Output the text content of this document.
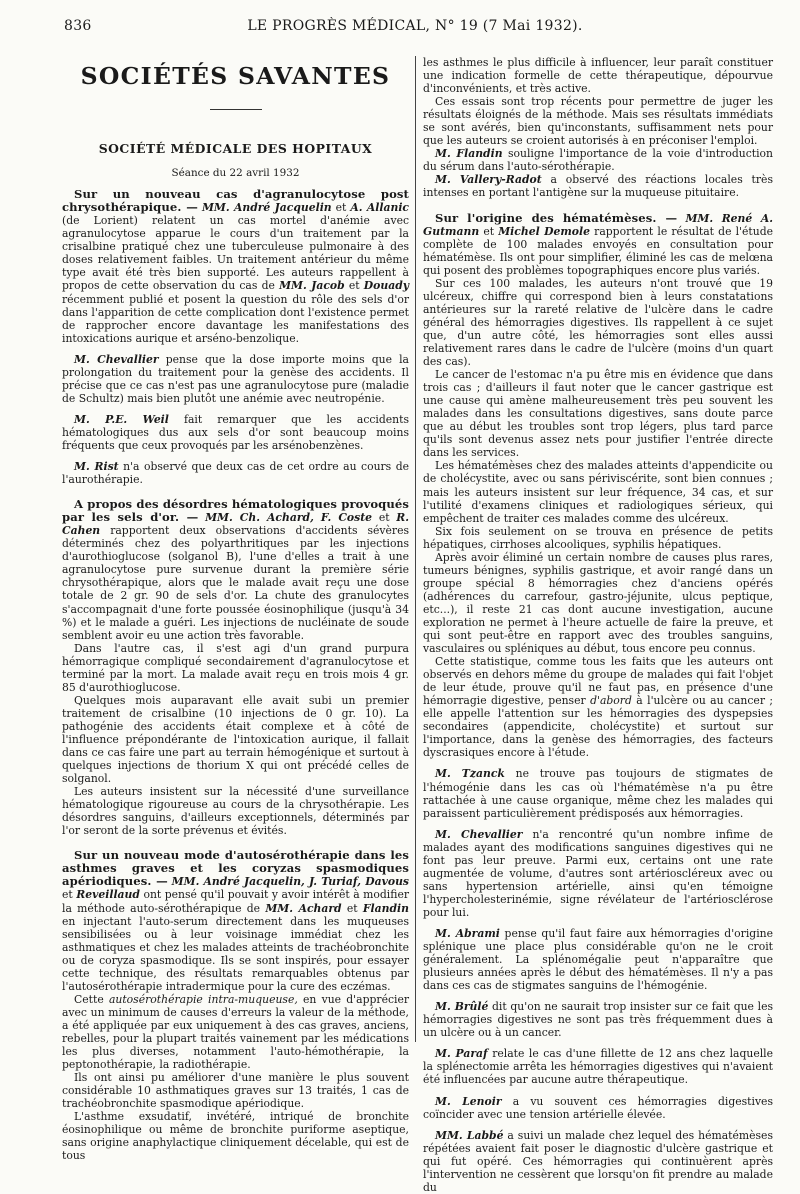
836	LE PROGRÈS MÉDICAL, N° 19 (7 Mai 1932).
SOCIÉTÉS SAVANTES
SOCIÉTÉ MÉDICALE DES HOPITAUX
Séance du 22 avril 1932

Sur un nouveau cas d'agranulocytose post chrysothérapique. — MM. André Jacquelin et A. Allanic (de Lorient) relatent un cas mortel d'anémie avec agranulocytose apparue le cours d'un traitement par la crisalbine pratiqué chez une tuberculeuse pulmonaire à des doses relativement faibles. Un traitement antérieur du même type avait été très bien supporté. Les auteurs rappellent à propos de cette observation du cas de MM. Jacob et Douady récemment publié et posent la question du rôle des sels d'or dans l'apparition de cette complication dont l'existence permet de rapprocher encore davantage les manifestations des intoxications aurique et arséno-benzolique.

M. Chevallier pense que la dose importe moins que la prolongation du traitement pour la genèse des accidents. Il précise que ce cas n'est pas une agranulocytose pure (maladie de Schultz) mais bien plutôt une anémie avec neutropénie.

M. P.E. Weil fait remarquer que les accidents hématologiques dus aux sels d'or sont beaucoup moins fréquents que ceux provoqués par les arsénobenzènes.

M. Rist n'a observé que deux cas de cet ordre au cours de l'aurothérapie.

A propos des désordres hématologiques provoqués par les sels d'or. — MM. Ch. Achard, F. Coste et R. Cahen rapportent deux observations d'accidents sévères déterminés chez des polyarthritiques par les injections d'aurothioglucose (solganol B), l'une d'elles a trait à une agranulocytose pure survenue durant la première série chrysothérapique, alors que le malade avait reçu une dose totale de 2 gr. 90 de sels d'or. La chute des granulocytes s'accompagnait d'une forte poussée éosinophilique (jusqu'à 34 %) et le malade a guéri. Les injections de nucléinate de soude semblent avoir eu une action très favorable.

Dans l'autre cas, il s'est agi d'un grand purpura hémorragique compliqué secondairement d'agranulocytose et terminé par la mort. La malade avait reçu en trois mois 4 gr. 85 d'aurothioglucose.

Quelques mois auparavant elle avait subi un premier traitement de crisalbine (10 injections de 0 gr. 10). La pathogénie des accidents était complexe et à côté de l'influence prépondérante de l'intoxication aurique, il fallait dans ce cas faire une part au terrain hémogénique et surtout à quelques injections de thorium X qui ont précédé celles de solganol.

Les auteurs insistent sur la nécessité d'une surveillance hématologique rigoureuse au cours de la chrysothérapie. Les désordres sanguins, d'ailleurs exceptionnels, déterminés par l'or seront de la sorte prévenus et évités.

Sur un nouveau mode d'autosérothérapie dans les asthmes graves et les coryzas spasmodiques apériodiques. — MM. André Jacquelin, J. Turiaf, Davous et Reveillaud ont pensé qu'il pouvait y avoir intérêt à modifier la méthode auto-sérothérapique de MM. Achard et Flandin en injectant l'auto-serum directement dans les muqueuses sensibilisées ou à leur voisinage immédiat chez les asthmatiques et chez les malades atteints de trachéobronchite ou de coryza spasmodique. Ils se sont inspirés, pour essayer cette technique, des résultats remarquables obtenus par l'autosérothérapie intradermique pour la cure des eczémas.

Cette autosérothérapie intra-muqueuse, en vue d'apprécier avec un minimum de causes d'erreurs la valeur de la méthode, a été appliquée par eux uniquement à des cas graves, anciens, rebelles, pour la plupart traités vainement par les médications les plus diverses, notamment l'auto-hémothérapie, la peptonothérapie, la radiothérapie.

Ils ont ainsi pu améliorer d'une manière le plus souvent considérable 10 asthmatiques graves sur 13 traités, 1 cas de trachéobronchite spasmodique apériodique.

L'asthme exsudatif, invétéré, intriqué de bronchite éosinophilique ou même de bronchite puriforme aseptique, sans origine anaphylactique cliniquement décelable, qui est de tous

les asthmes le plus difficile à influencer, leur paraît constituer une indication formelle de cette thérapeutique, dépourvue d'inconvénients, et très active.

Ces essais sont trop récents pour permettre de juger les résultats éloignés de la méthode. Mais ses résultats immédiats se sont avérés, bien qu'inconstants, suffisamment nets pour que les auteurs se croient autorisés à en préconiser l'emploi.

M. Flandin souligne l'importance de la voie d'introduction du sérum dans l'auto-sérothérapie.

M. Vallery-Radot a observé des réactions locales très intenses en portant l'antigène sur la muqueuse pituitaire.

Sur l'origine des hématémèses. — MM. René A. Gutmann et Michel Demole rapportent le résultat de l'étude complète de 100 malades envoyés en consultation pour hématémèse. Ils ont pour simplifier, éliminé les cas de melœna qui posent des problèmes topographiques encore plus variés.

Sur ces 100 malades, les auteurs n'ont trouvé que 19 ulcéreux, chiffre qui correspond bien à leurs constatations antérieures sur la rareté relative de l'ulcère dans le cadre général des hémorragies digestives. Ils rappellent à ce sujet que, d'un autre côté, les hémorragies sont elles aussi relativement rares dans le cadre de l'ulcère (moins d'un quart des cas).

Le cancer de l'estomac n'a pu être mis en évidence que dans trois cas ; d'ailleurs il faut noter que le cancer gastrique est une cause qui amène malheureusement très peu souvent les malades dans les consultations digestives, sans doute parce que au début les troubles sont trop légers, plus tard parce qu'ils sont devenus assez nets pour justifier l'entrée directe dans les services.

Les hématémèses chez des malades atteints d'appendicite ou de cholécystite, avec ou sans périviscérite, sont bien connues ; mais les auteurs insistent sur leur fréquence, 34 cas, et sur l'utilité d'examens cliniques et radiologiques sérieux, qui empêchent de traiter ces malades comme des ulcéreux.

Six fois seulement on se trouva en présence de petits hépatiques, cirrhoses alcooliques, syphilis hépatiques.

Après avoir éliminé un certain nombre de causes plus rares, tumeurs bénignes, syphilis gastrique, et avoir rangé dans un groupe spécial 8 hémorragies chez d'anciens opérés (adhérences du carrefour, gastro-jéjunite, ulcus peptique, etc...), il reste 21 cas dont aucune investigation, aucune exploration ne permet à l'heure actuelle de faire la preuve, et qui sont peut-être en rapport avec des troubles sanguins, vasculaires ou spléniques au début, tous encore peu connus.

Cette statistique, comme tous les faits que les auteurs ont observés en dehors même du groupe de malades qui fait l'objet de leur étude, prouve qu'il ne faut pas, en présence d'une hémorragie digestive, penser d'abord à l'ulcère ou au cancer ; elle appelle l'attention sur les hémorragies des dyspepsies secondaires (appendicite, cholécystite) et surtout sur l'importance, dans la genèse des hémorragies, des facteurs dyscrasiques encore à l'étude.

M. Tzanck ne trouve pas toujours de stigmates de l'hémogénie dans les cas où l'hématémèse n'a pu être rattachée à une cause organique, même chez les malades qui paraissent particulièrement prédisposés aux hémorragies.

M. Chevallier n'a rencontré qu'un nombre infime de malades ayant des modifications sanguines digestives qui ne font pas leur preuve. Parmi eux, certains ont une rate augmentée de volume, d'autres sont artérioscléreux avec ou sans hypertension artérielle, ainsi qu'en témoigne l'hypercholesterinémie, signe révélateur de l'artériosclérose pour lui.

M. Abrami pense qu'il faut faire aux hémorragies d'origine splénique une place plus considérable qu'on ne le croit généralement. La splénomégalie peut n'apparaître que plusieurs années après le début des hématémèses. Il n'y a pas dans ces cas de stigmates sanguins de l'hémogénie.

M. Brûlé dit qu'on ne saurait trop insister sur ce fait que les hémorragies digestives ne sont pas très fréquemment dues à un ulcère ou à un cancer.

M. Paraf relate le cas d'une fillette de 12 ans chez laquelle la splénectomie arrêta les hémorragies digestives qui n'avaient été influencées par aucune autre thérapeutique.

M. Lenoir a vu souvent ces hémorragies digestives coïncider avec une tension artérielle élevée.

MM. Labbé a suivi un malade chez lequel des hématémèses répétées avaient fait poser le diagnostic d'ulcère gastrique et qui fut opéré. Ces hémorragies qui continuèrent après l'intervention ne cessèrent que lorsqu'on fit prendre au malade du
